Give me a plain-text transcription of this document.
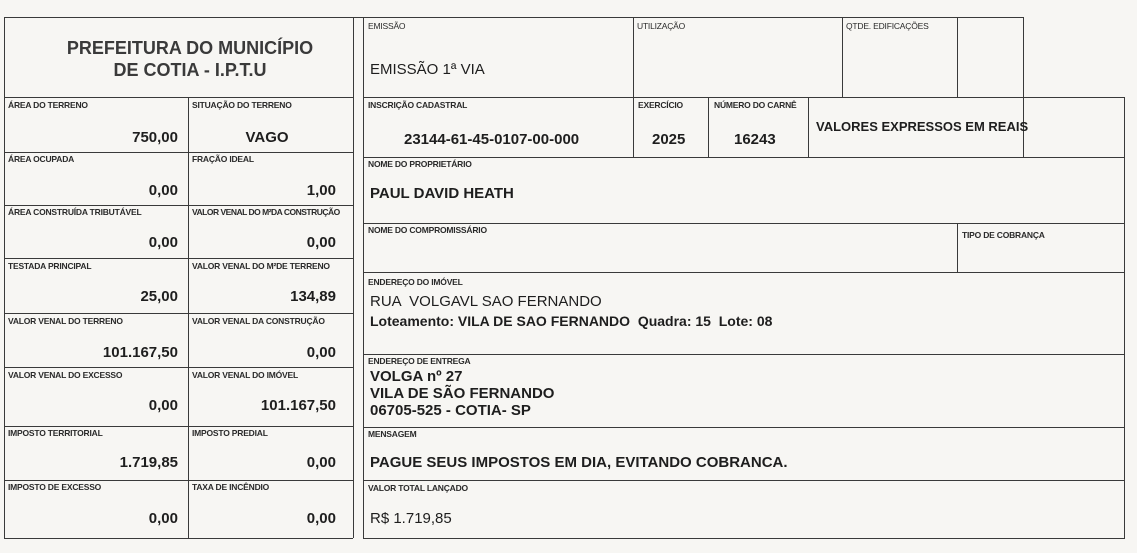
PREFEITURA DO MUNICÍPIO
DE COTIA - I.P.T.U
EMISSÃO
EMISSÃO 1ª VIA
UTILIZAÇÃO	QTDE. EDIFICAÇÕES
ÁREA DO TERRENO
750,00
SITUAÇÃO DO TERRENO
VAGO
ÁREA OCUPADA
0,00
FRAÇÃO IDEAL
1,00
ÁREA CONSTRUÍDA TRIBUTÁVEL
0,00
VALOR VENAL DO M²DA CONSTRUÇÃO
0,00
TESTADA PRINCIPAL
25,00
VALOR VENAL DO M²DE TERRENO
134,89
VALOR VENAL DO TERRENO
101.167,50
VALOR VENAL DA CONSTRUÇÃO
0,00
VALOR VENAL DO EXCESSO
0,00
VALOR VENAL DO IMÓVEL
101.167,50
IMPOSTO TERRITORIAL
1.719,85
IMPOSTO PREDIAL
0,00
IMPOSTO DE EXCESSO
0,00
TAXA DE INCÊNDIO
0,00
INSCRIÇÃO CADASTRAL
23144-61-45-0107-00-000
EXERCÍCIO
2025
NÚMERO DO CARNÊ
16243
VALORES EXPRESSOS EM REAIS
NOME DO PROPRIETÁRIO
PAUL DAVID HEATH
NOME DO COMPROMISSÁRIO	TIPO DE COBRANÇA
ENDEREÇO DO IMÓVEL
RUA  VOLGAVL SAO FERNANDO
Loteamento: VILA DE SAO FERNANDO  Quadra: 15  Lote: 08
ENDEREÇO DE ENTREGA
VOLGA nº 27
VILA DE SÃO FERNANDO
06705-525 - COTIA- SP
MENSAGEM
PAGUE SEUS IMPOSTOS EM DIA, EVITANDO COBRANCA.
VALOR TOTAL LANÇADO
R$ 1.719,85
